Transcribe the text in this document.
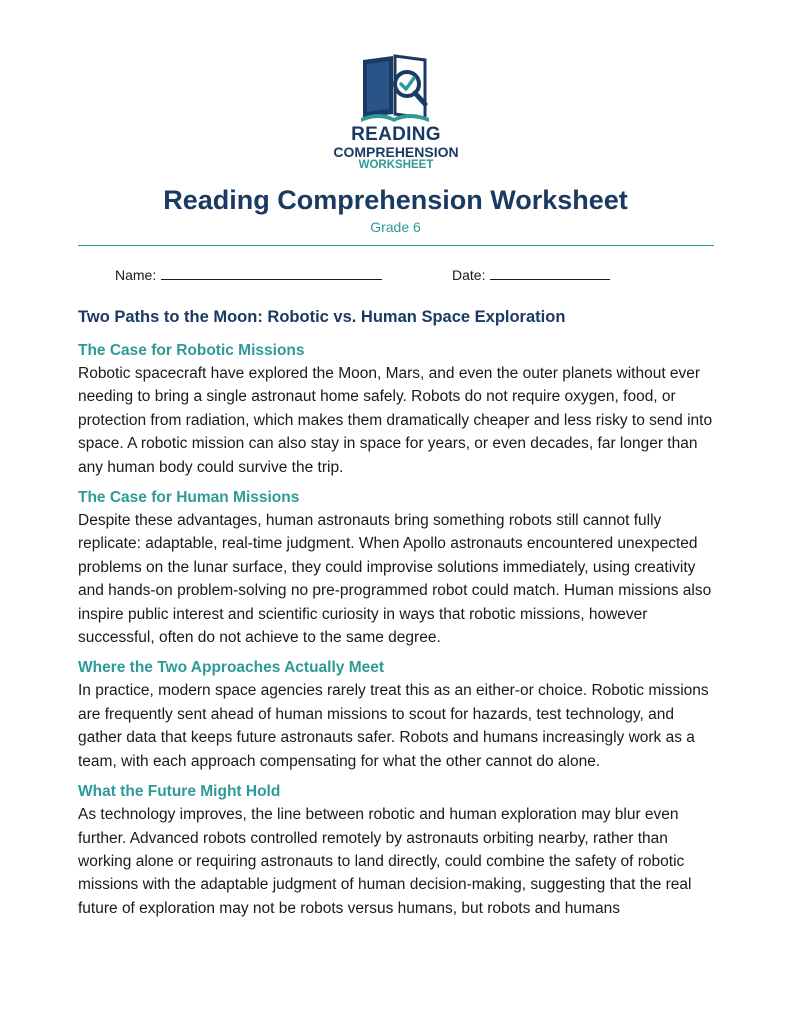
READING
COMPREHENSION
WORKSHEET
Reading Comprehension Worksheet
Grade 6
Name:	Date:
Two Paths to the Moon: Robotic vs. Human Space Exploration
The Case for Robotic Missions

Robotic spacecraft have explored the Moon, Mars, and even the outer planets without ever needing to bring a single astronaut home safely. Robots do not require oxygen, food, or protection from radiation, which makes them dramatically cheaper and less risky to send into space. A robotic mission can also stay in space for years, or even decades, far longer than any human body could survive the trip.

The Case for Human Missions

Despite these advantages, human astronauts bring something robots still cannot fully replicate: adaptable, real-time judgment. When Apollo astronauts encountered unexpected problems on the lunar surface, they could improvise solutions immediately, using creativity and hands-on problem-solving no pre-programmed robot could match. Human missions also inspire public interest and scientific curiosity in ways that robotic missions, however successful, often do not achieve to the same degree.

Where the Two Approaches Actually Meet

In practice, modern space agencies rarely treat this as an either-or choice. Robotic missions are frequently sent ahead of human missions to scout for hazards, test technology, and gather data that keeps future astronauts safer. Robots and humans increasingly work as a team, with each approach compensating for what the other cannot do alone.

What the Future Might Hold

As technology improves, the line between robotic and human exploration may blur even further. Advanced robots controlled remotely by astronauts orbiting nearby, rather than working alone or requiring astronauts to land directly, could combine the safety of robotic missions with the adaptable judgment of human decision-making, suggesting that the real future of exploration may not be robots versus humans, but robots and humans
